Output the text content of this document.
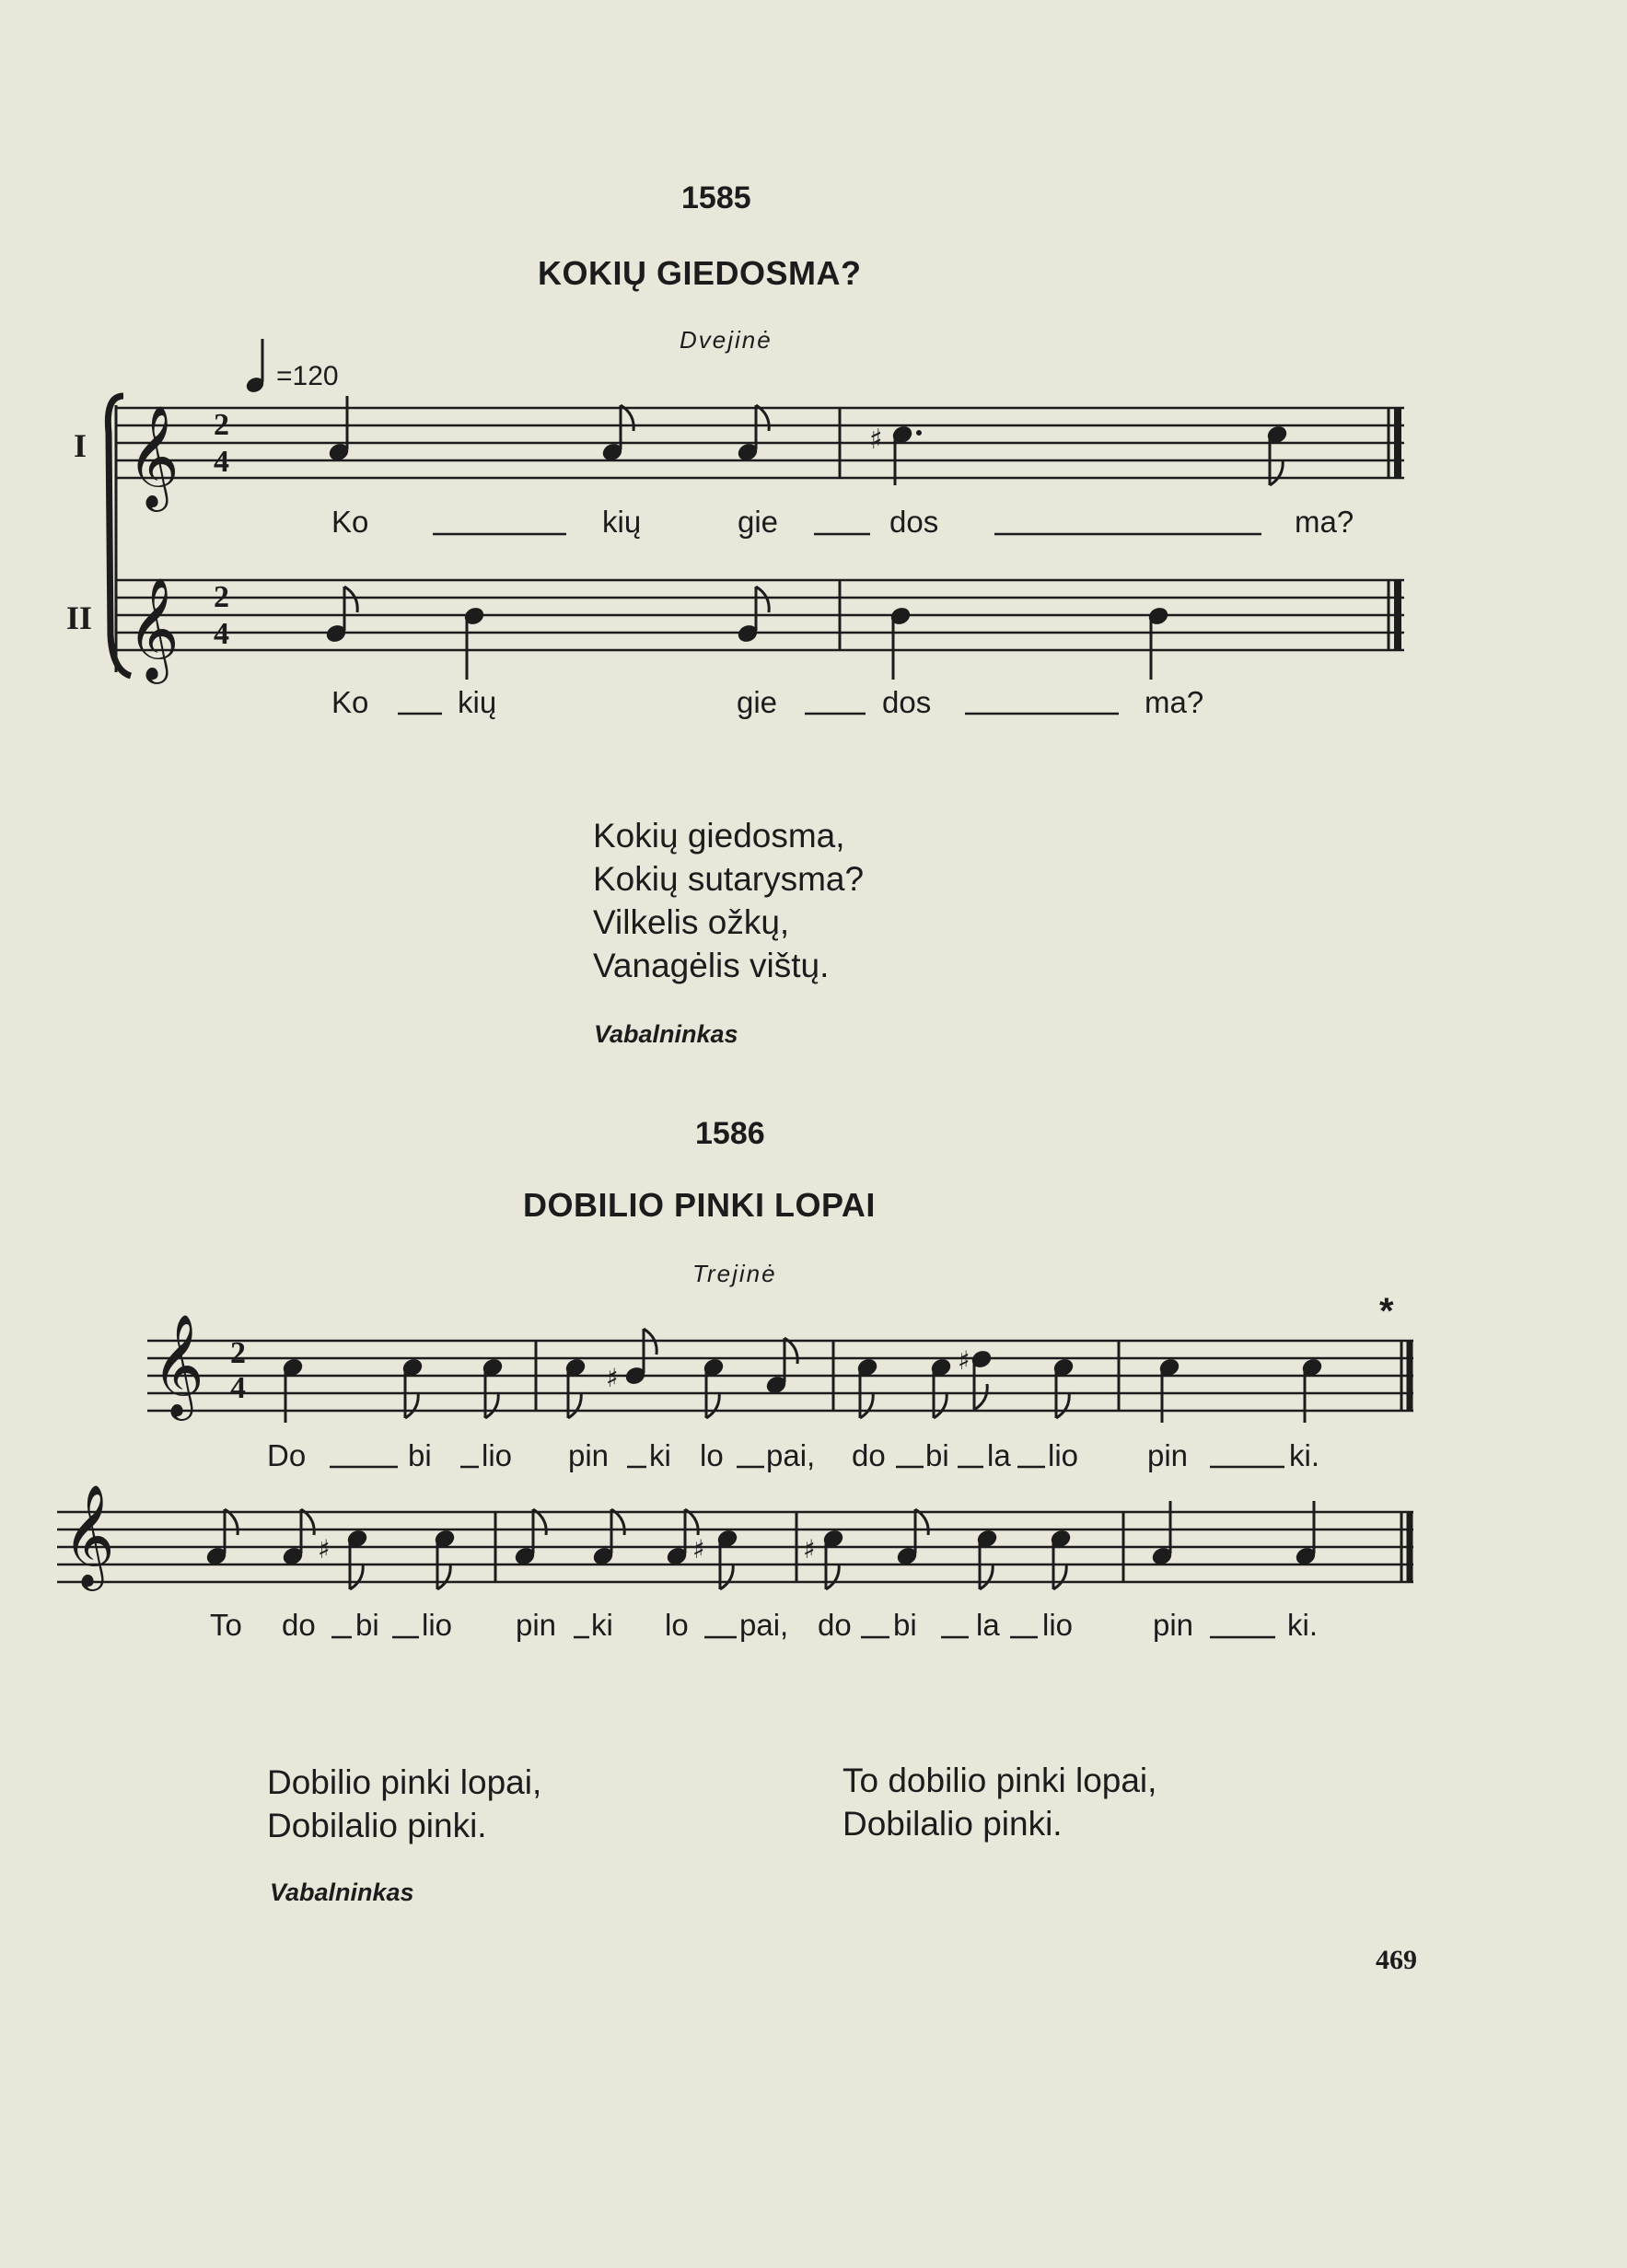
1585
KOKIŲ GIEDOSMA?
Dvejinė
=120
I
II
𝄞
𝄞
𝄞
𝄞
2
4
2
4
2
4
♯
♯
♯
♯	♯	♯
Ko	kių	gie	dos	ma?
Ko	kių	gie	dos	ma?
Kokių giedosma,
Kokių sutarysma?
Vilkelis ožkų,
Vanagėlis vištų.
Vabalninkas
1586
DOBILIO PINKI LOPAI
Trejinė
*
Do	bi lio pin ki lo pai, do bi la lio pin	ki.
To do bi lio pin ki lo pai, do bi la lio	pin	ki.
Dobilio pinki lopai,
Dobilalio pinki.
To dobilio pinki lopai,
Dobilalio pinki.
Vabalninkas
469
